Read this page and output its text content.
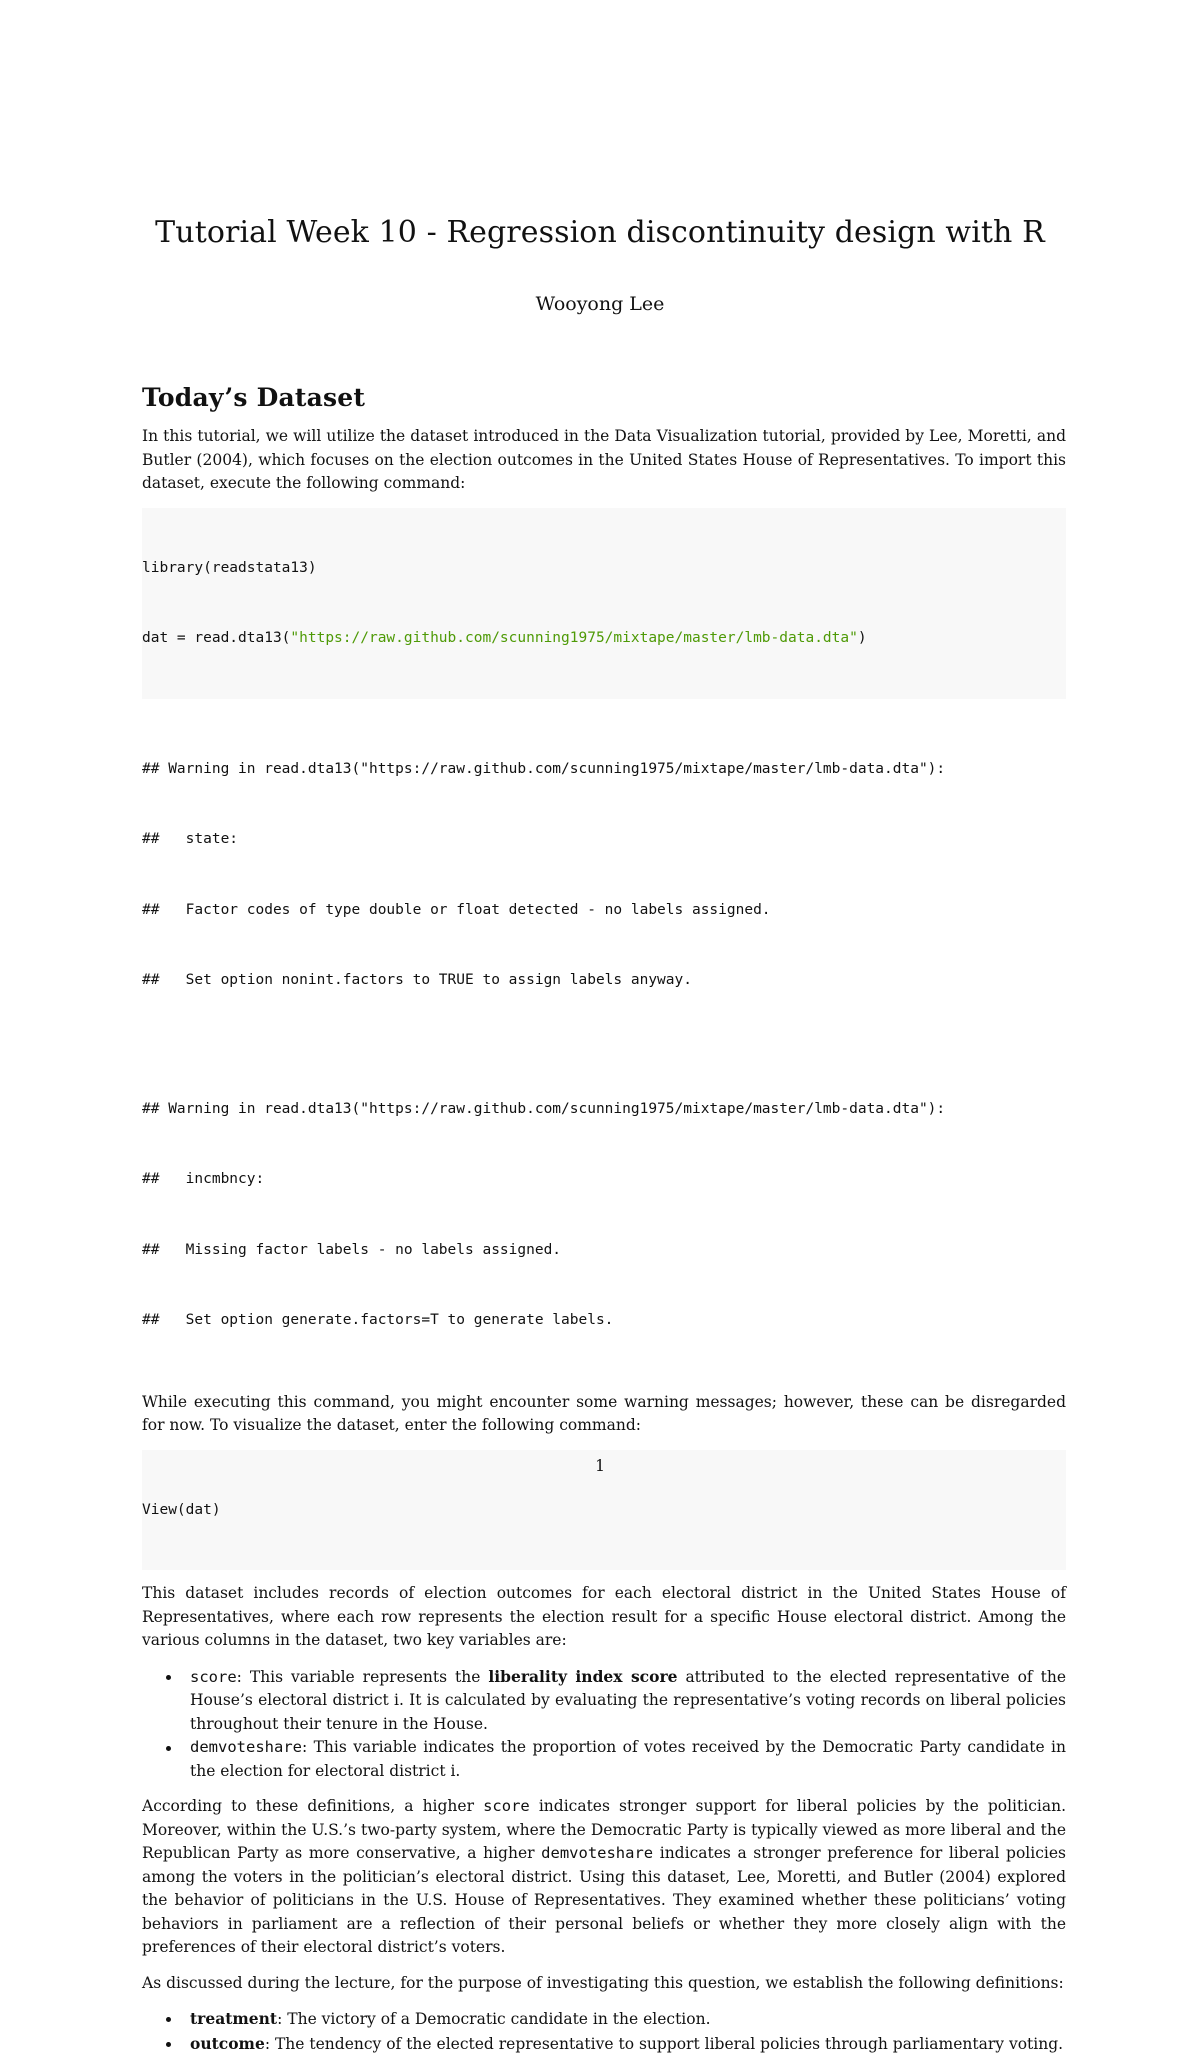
Tutorial Week 10 - Regression discontinuity design with R
Wooyong Lee
Today’s Dataset

In this tutorial, we will utilize the dataset introduced in the Data Visualization tutorial, provided by Lee, Moretti, and Butler (2004), which focuses on the election outcomes in the United States House of Representatives. To import this dataset, execute the following command:

library(readstata13)

dat = read.dta13("https://raw.github.com/scunning1975/mixtape/master/lmb-data.dta")

## Warning in read.dta13("https://raw.github.com/scunning1975/mixtape/master/lmb-data.dta"):

##   state:

##   Factor codes of type double or float detected - no labels assigned.

##   Set option nonint.factors to TRUE to assign labels anyway.

## Warning in read.dta13("https://raw.github.com/scunning1975/mixtape/master/lmb-data.dta"):

##   incmbncy:

##   Missing factor labels - no labels assigned.

##   Set option generate.factors=T to generate labels.

While executing this command, you might encounter some warning messages; however, these can be disregarded for now. To visualize the dataset, enter the following command:

View(dat)

This dataset includes records of election outcomes for each electoral district in the United States House of Representatives, where each row represents the election result for a specific House electoral district. Among the various columns in the dataset, two key variables are:

score: This variable represents the liberality index score attributed to the elected representative of the House’s electoral district i. It is calculated by evaluating the representative’s voting records on liberal policies throughout their tenure in the House.
demvoteshare: This variable indicates the proportion of votes received by the Democratic Party candidate in the election for electoral district i.

According to these definitions, a higher score indicates stronger support for liberal policies by the politician. Moreover, within the U.S.’s two-party system, where the Democratic Party is typically viewed as more liberal and the Republican Party as more conservative, a higher demvoteshare indicates a stronger preference for liberal policies among the voters in the politician’s electoral district. Using this dataset, Lee, Moretti, and Butler (2004) explored the behavior of politicians in the U.S. House of Representatives. They examined whether these politicians’ voting behaviors in parliament are a reflection of their personal beliefs or whether they more closely align with the preferences of their electoral district’s voters.

As discussed during the lecture, for the purpose of investigating this question, we establish the following definitions:

treatment: The victory of a Democratic candidate in the election.
outcome: The tendency of the elected representative to support liberal policies through parliamentary voting.
1
